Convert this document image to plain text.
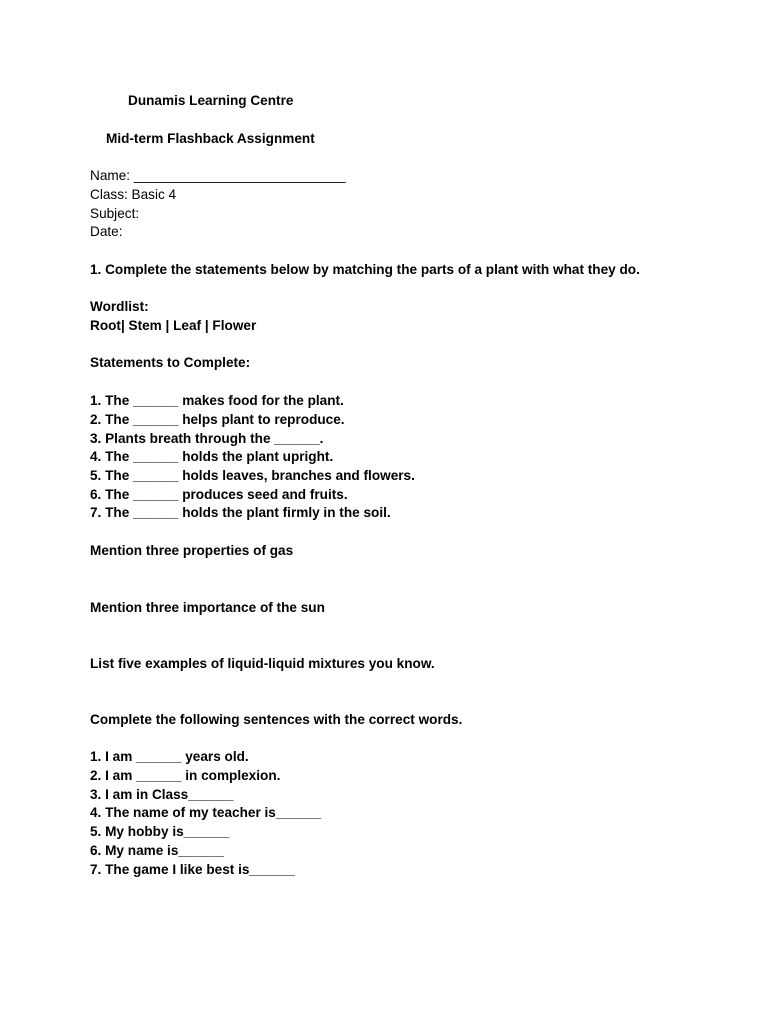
Dunamis Learning Centre
Mid-term Flashback Assignment
Name: ____________________________
Class: Basic 4
Subject:
Date:
1. Complete the statements below by matching the parts of a plant with what they do.
Wordlist:
Root| Stem | Leaf | Flower
Statements to Complete:
1. The ______ makes food for the plant.
2. The ______ helps plant to reproduce.
3. Plants breath through the ______.
4. The ______ holds the plant upright.
5. The ______ holds leaves, branches and flowers.
6. The ______ produces seed and fruits.
7. The ______ holds the plant firmly in the soil.
Mention three properties of gas
Mention three importance of the sun
List five examples of liquid-liquid mixtures you know.
Complete the following sentences with the correct words.
1. I am ______ years old.
2. I am ______ in complexion.
3. I am in Class______
4. The name of my teacher is______
5. My hobby is______
6. My name is______
7. The game I like best is______
